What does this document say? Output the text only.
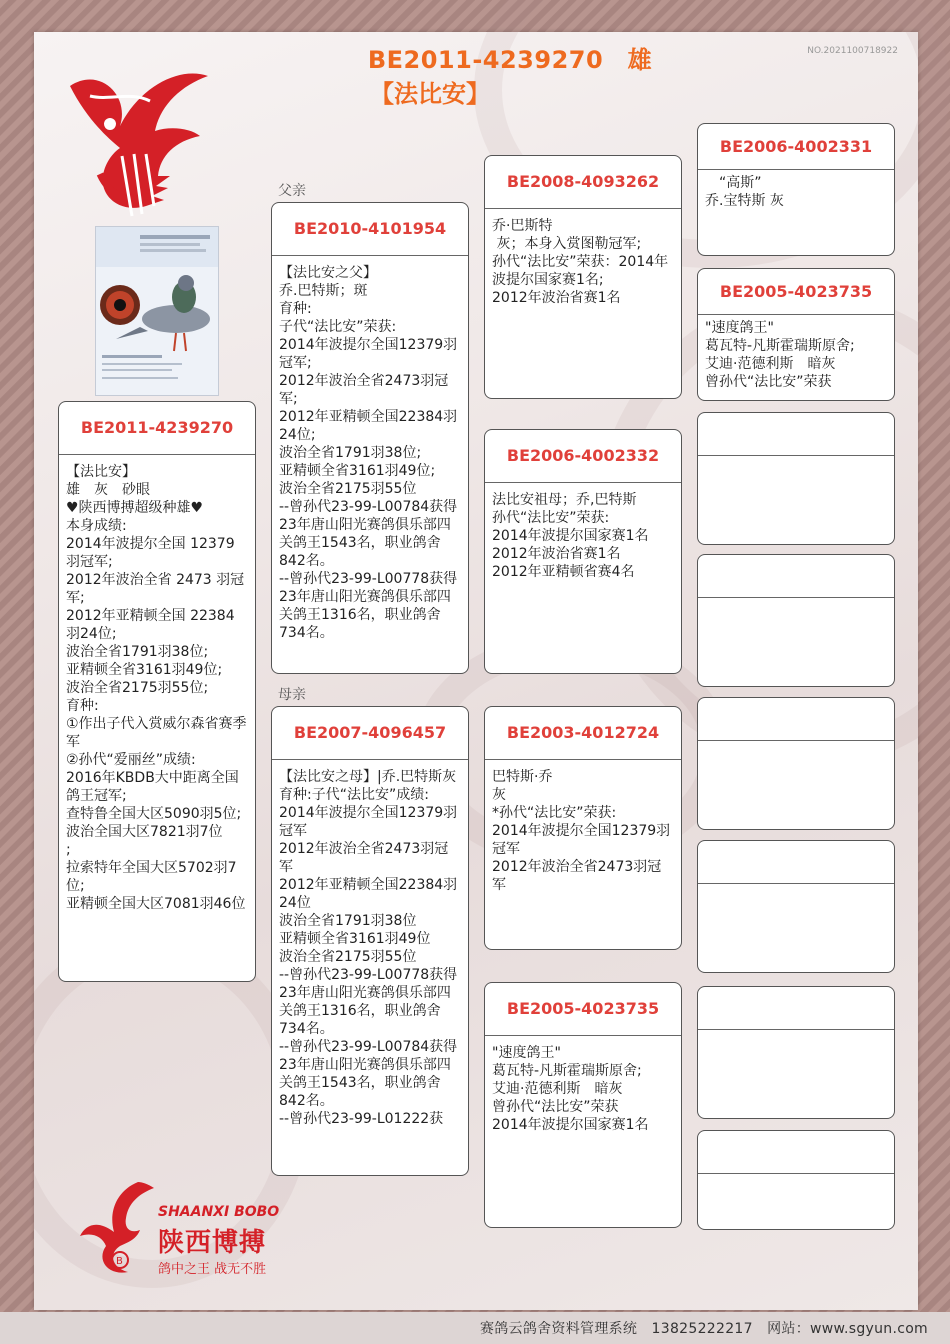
NO.2021100718922
BE2011-4239270　雄
【法比安】
父亲
母亲
BE2011-4239270
【法比安】
雄　灰　砂眼
♥陕西博搏超级种雄♥
本身成绩:
2014年波提尔全国 12379羽冠军;
2012年波治全省 2473 羽冠军;
2012年亚精顿全国 22384羽24位;
波治全省1791羽38位;
亚精顿全省3161羽49位;
波治全省2175羽55位;
育种:
①作出子代入赏威尔森省赛季军
②孙代“爱丽丝”成绩:
2016年KBDB大中距离全国鸽王冠军;
查特鲁全国大区5090羽5位;
波治全国大区7821羽7位
;
拉索特年全国大区5702羽7位;
亚精顿全国大区7081羽46位
BE2010-4101954
【法比安之父】
乔.巴特斯；斑
育种:
子代“法比安”荣获:
2014年波提尔全国12379羽冠军;
2012年波治全省2473羽冠军;
2012年亚精顿全国22384羽24位;
波治全省1791羽38位;
亚精顿全省3161羽49位;
波治全省2175羽55位
--曾孙代23-99-L00784获得23年唐山阳光赛鸽俱乐部四关鸽王1543名，职业鸽舍842名。
--曾孙代23-99-L00778获得23年唐山阳光赛鸽俱乐部四关鸽王1316名，职业鸽舍734名。
BE2007-4096457
【法比安之母】|乔.巴特斯灰
育种:子代“法比安”成绩:
2014年波提尔全国12379羽冠军
2012年波治全省2473羽冠军
2012年亚精顿全国22384羽24位
波治全省1791羽38位
亚精顿全省3161羽49位
波治全省2175羽55位
--曾孙代23-99-L00778获得23年唐山阳光赛鸽俱乐部四关鸽王1316名，职业鸽舍734名。
--曾孙代23-99-L00784获得23年唐山阳光赛鸽俱乐部四关鸽王1543名，职业鸽舍842名。
--曾孙代23-99-L01222获
BE2008-4093262
乔·巴斯特
灰；本身入赏图勒冠军;
孙代“法比安”荣获：2014年波提尔国家赛1名;
2012年波治省赛1名
BE2006-4002332
法比安祖母；乔,巴特斯
孙代“法比安”荣获:
2014年波提尔国家赛1名
2012年波治省赛1名
2012年亚精顿省赛4名
BE2003-4012724
巴特斯·乔
灰
*孙代“法比安”荣获:
2014年波提尔全国12379羽冠军
2012年波治全省2473羽冠军
BE2005-4023735
"速度鸽王"
葛瓦特-凡斯霍瑞斯原舍;
艾迪·范德利斯　暗灰
曾孙代“法比安”荣获
2014年波提尔国家赛1名
BE2006-4002331
　“高斯”
乔.宝特斯 灰
BE2005-4023735
"速度鸽王"
葛瓦特-凡斯霍瑞斯原舍;
艾迪·范德利斯　暗灰
曾孙代“法比安”荣获
B
SHAANXI BOBO
陕西博搏
鸽中之王 战无不胜
赛鸽云鸽舍资料管理系统　13825222217　网站：www.sgyun.com
